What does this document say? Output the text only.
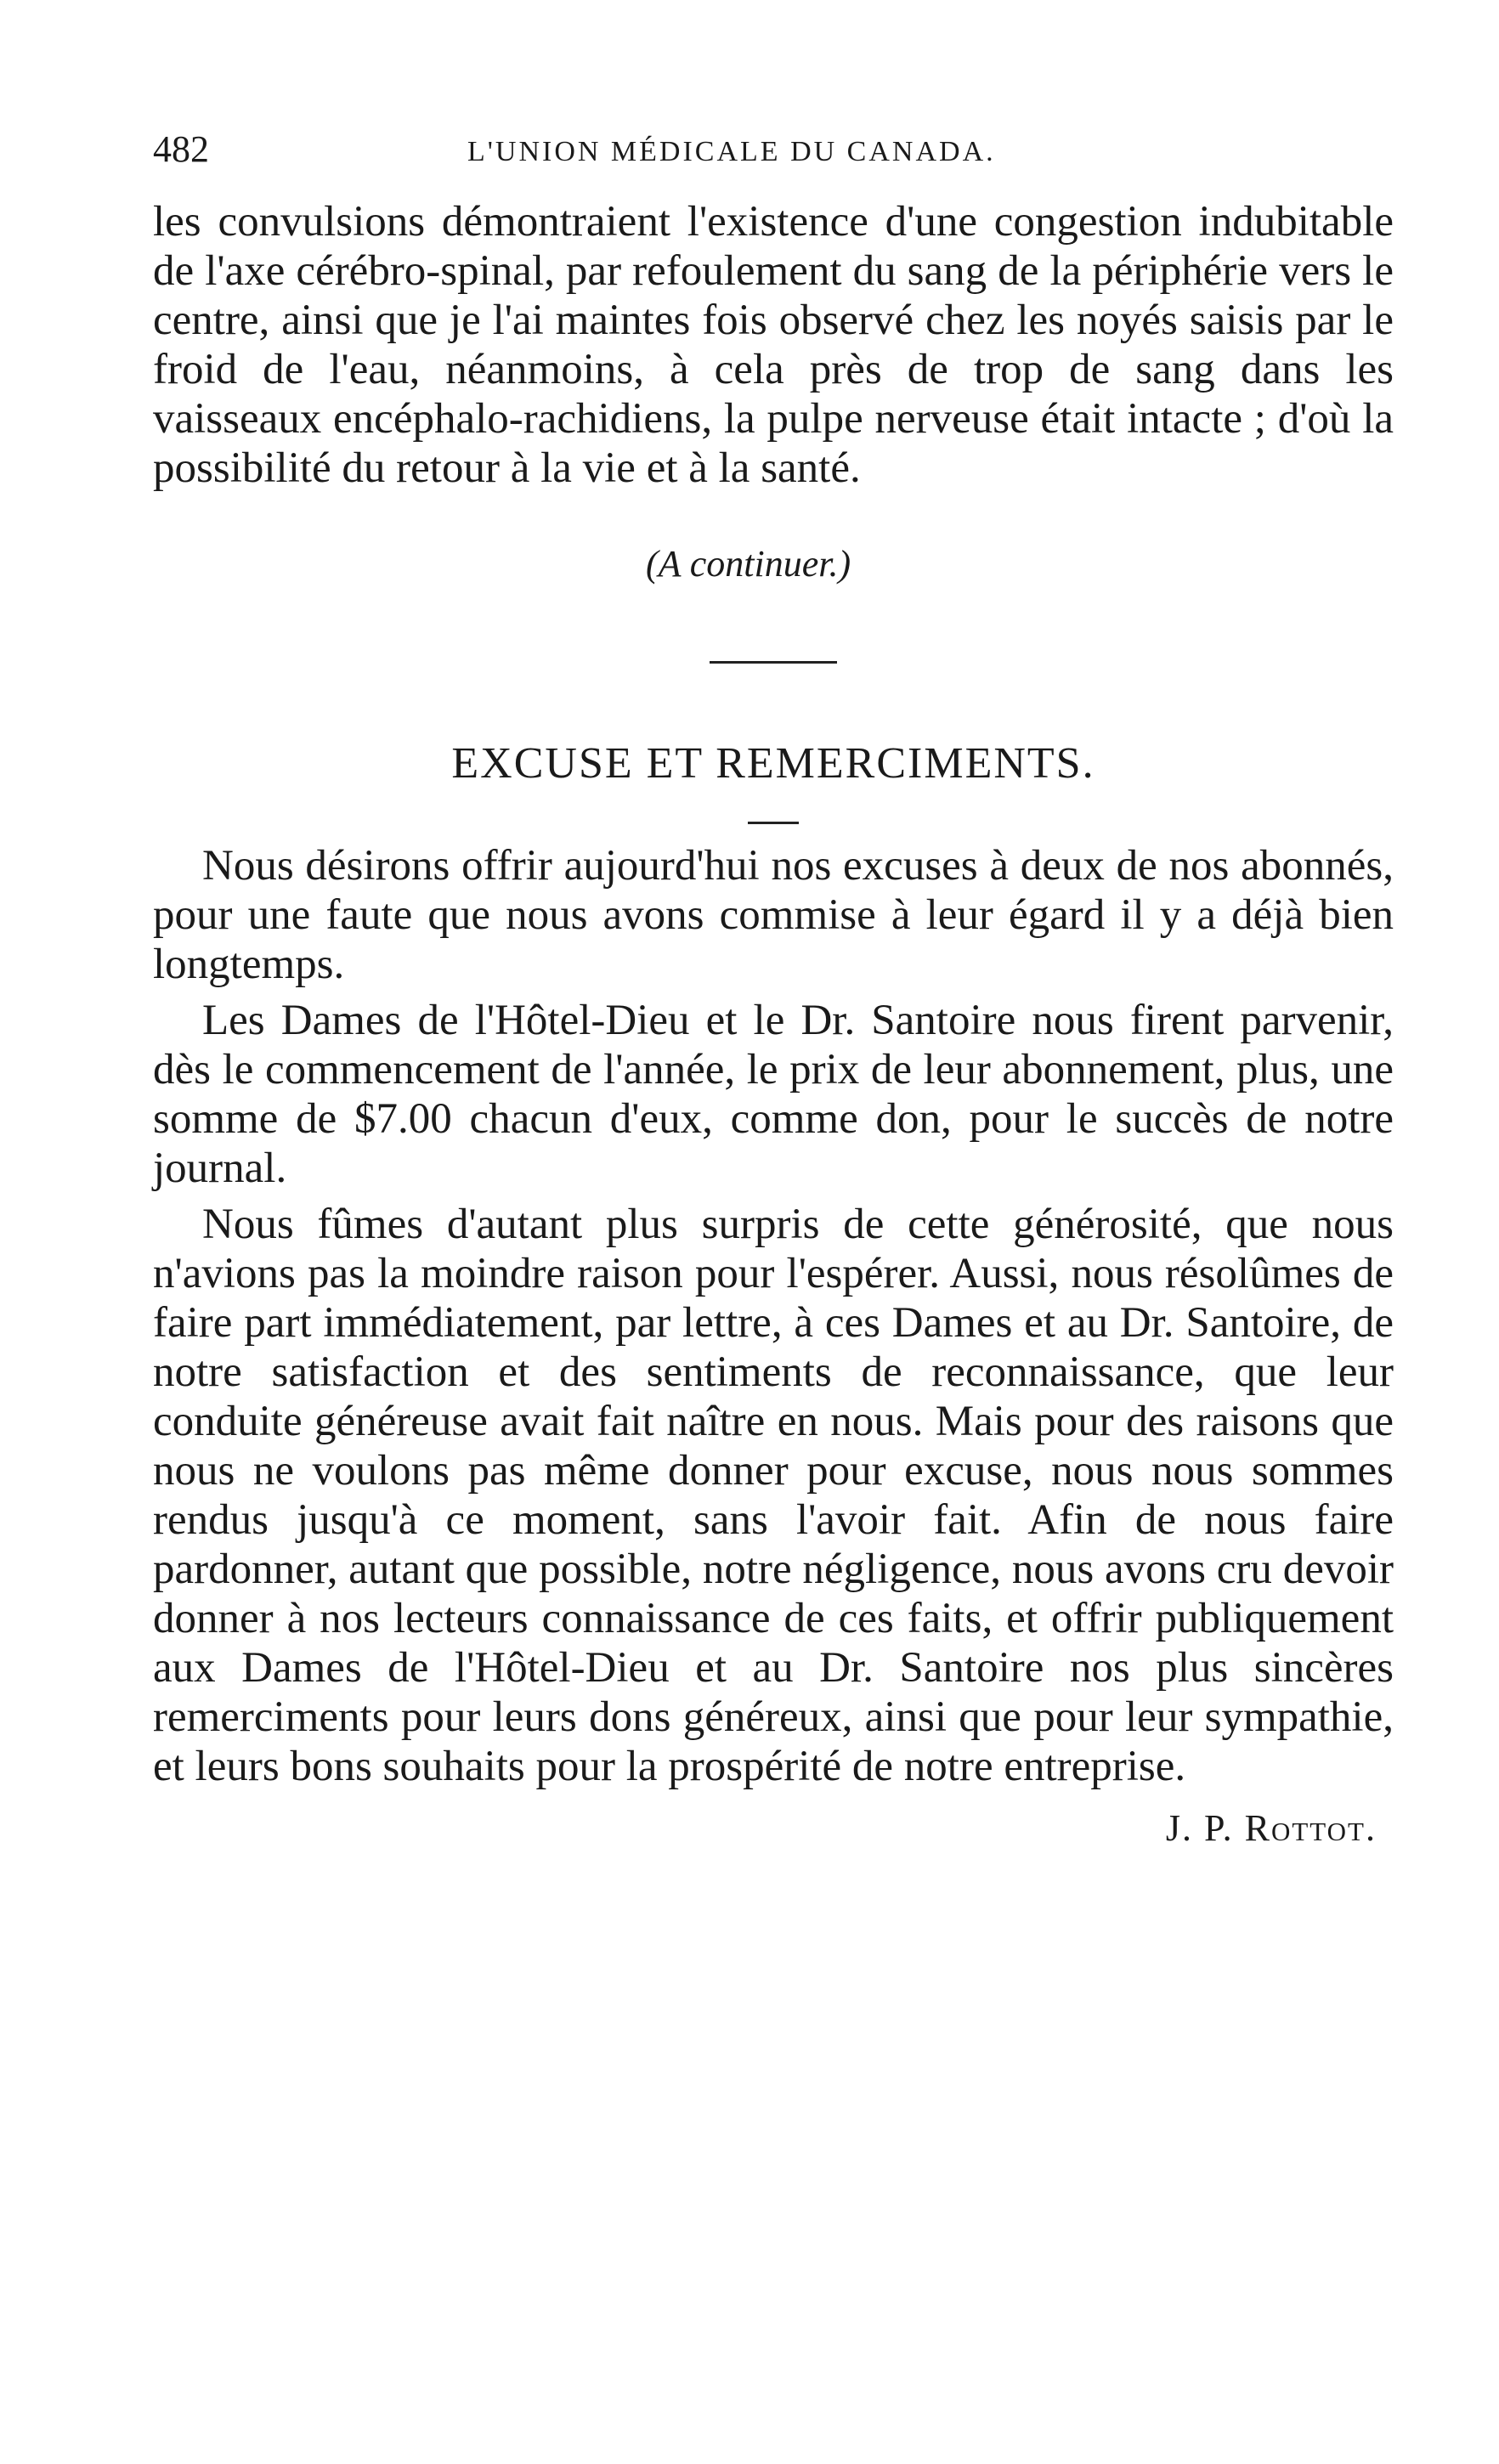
482	L'UNION MÉDICALE DU CANADA.

les convulsions démontraient l'existence d'une congestion indubitable de l'axe cérébro-spinal, par refoulement du sang de la périphérie vers le centre, ainsi que je l'ai maintes fois observé chez les noyés saisis par le froid de l'eau, néanmoins, à cela près de trop de sang dans les vaisseaux encéphalo-rachidiens, la pulpe nerveuse était intacte ; d'où la possibilité du retour à la vie et à la santé.

(A continuer.)
EXCUSE ET REMERCIMENTS.

Nous désirons offrir aujourd'hui nos excuses à deux de nos abonnés, pour une faute que nous avons commise à leur égard il y a déjà bien longtemps.

Les Dames de l'Hôtel-Dieu et le Dr. Santoire nous firent parvenir, dès le commencement de l'année, le prix de leur abonnement, plus, une somme de $7.00 chacun d'eux, comme don, pour le succès de notre journal.

Nous fûmes d'autant plus surpris de cette générosité, que nous n'avions pas la moindre raison pour l'espérer. Aussi, nous résolûmes de faire part immédiatement, par lettre, à ces Dames et au Dr. Santoire, de notre satisfaction et des sentiments de reconnaissance, que leur conduite généreuse avait fait naître en nous. Mais pour des raisons que nous ne voulons pas même donner pour excuse, nous nous sommes rendus jusqu'à ce moment, sans l'avoir fait. Afin de nous faire pardonner, autant que possible, notre négligence, nous avons cru devoir donner à nos lecteurs connaissance de ces faits, et offrir publiquement aux Dames de l'Hôtel-Dieu et au Dr. Santoire nos plus sincères remerciments pour leurs dons généreux, ainsi que pour leur sympathie, et leurs bons souhaits pour la prospérité de notre entreprise.

J. P. Rottot.
